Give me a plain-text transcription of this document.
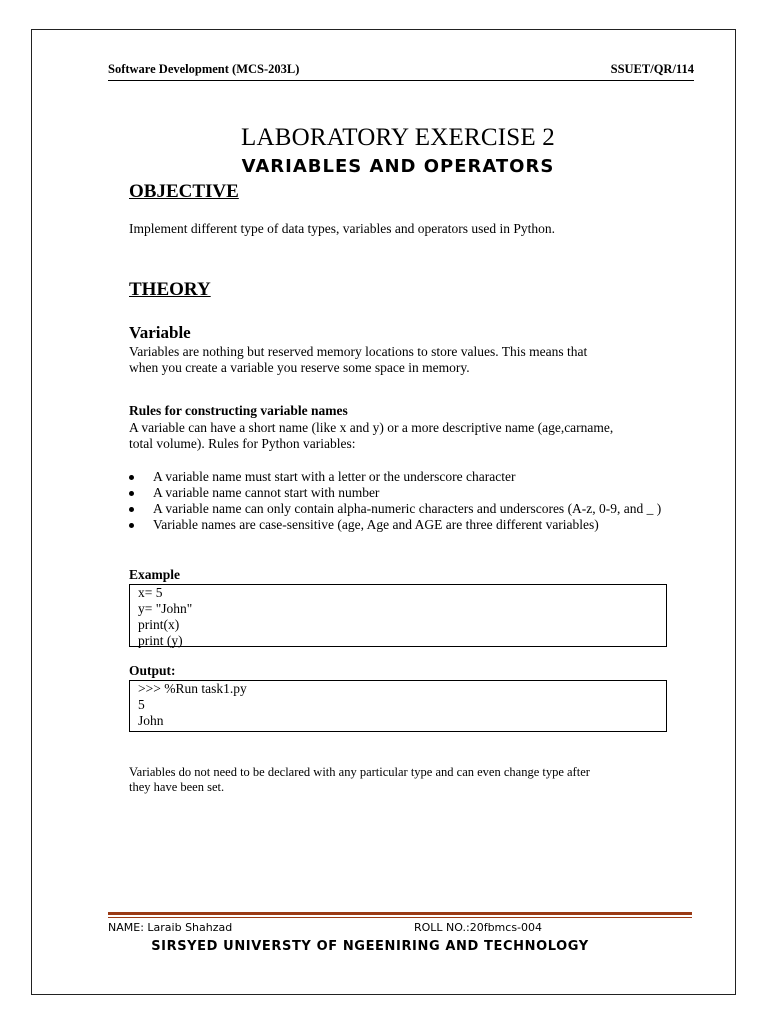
Software Development (MCS-203L)	SSUET/QR/114
LABORATORY EXERCISE 2
VARIABLES AND OPERATORS
OBJECTIVE
Implement different type of data types, variables and operators used in Python.
THEORY
Variable
Variables are nothing but reserved memory locations to store values. This means that
when you create a variable you reserve some space in memory.
Rules for constructing variable names
A variable can have a short name (like x and y) or a more descriptive name (age,carname,
total volume). Rules for Python variables:
A variable name must start with a letter or the underscore character
A variable name cannot start with number
A variable name can only contain alpha-numeric characters and underscores (A-z, 0-9, and _ )
Variable names are case-sensitive (age, Age and AGE are three different variables)
Example
x= 5
y= "John"
print(x)
print (y)
Output:
>>> %Run task1.py
5
John
Variables do not need to be declared with any particular type and can even change type after
they have been set.
NAME: Laraib Shahzad	ROLL NO.:20fbmcs-004
SIRSYED UNIVERSTY OF NGEENIRING AND TECHNOLOGY
